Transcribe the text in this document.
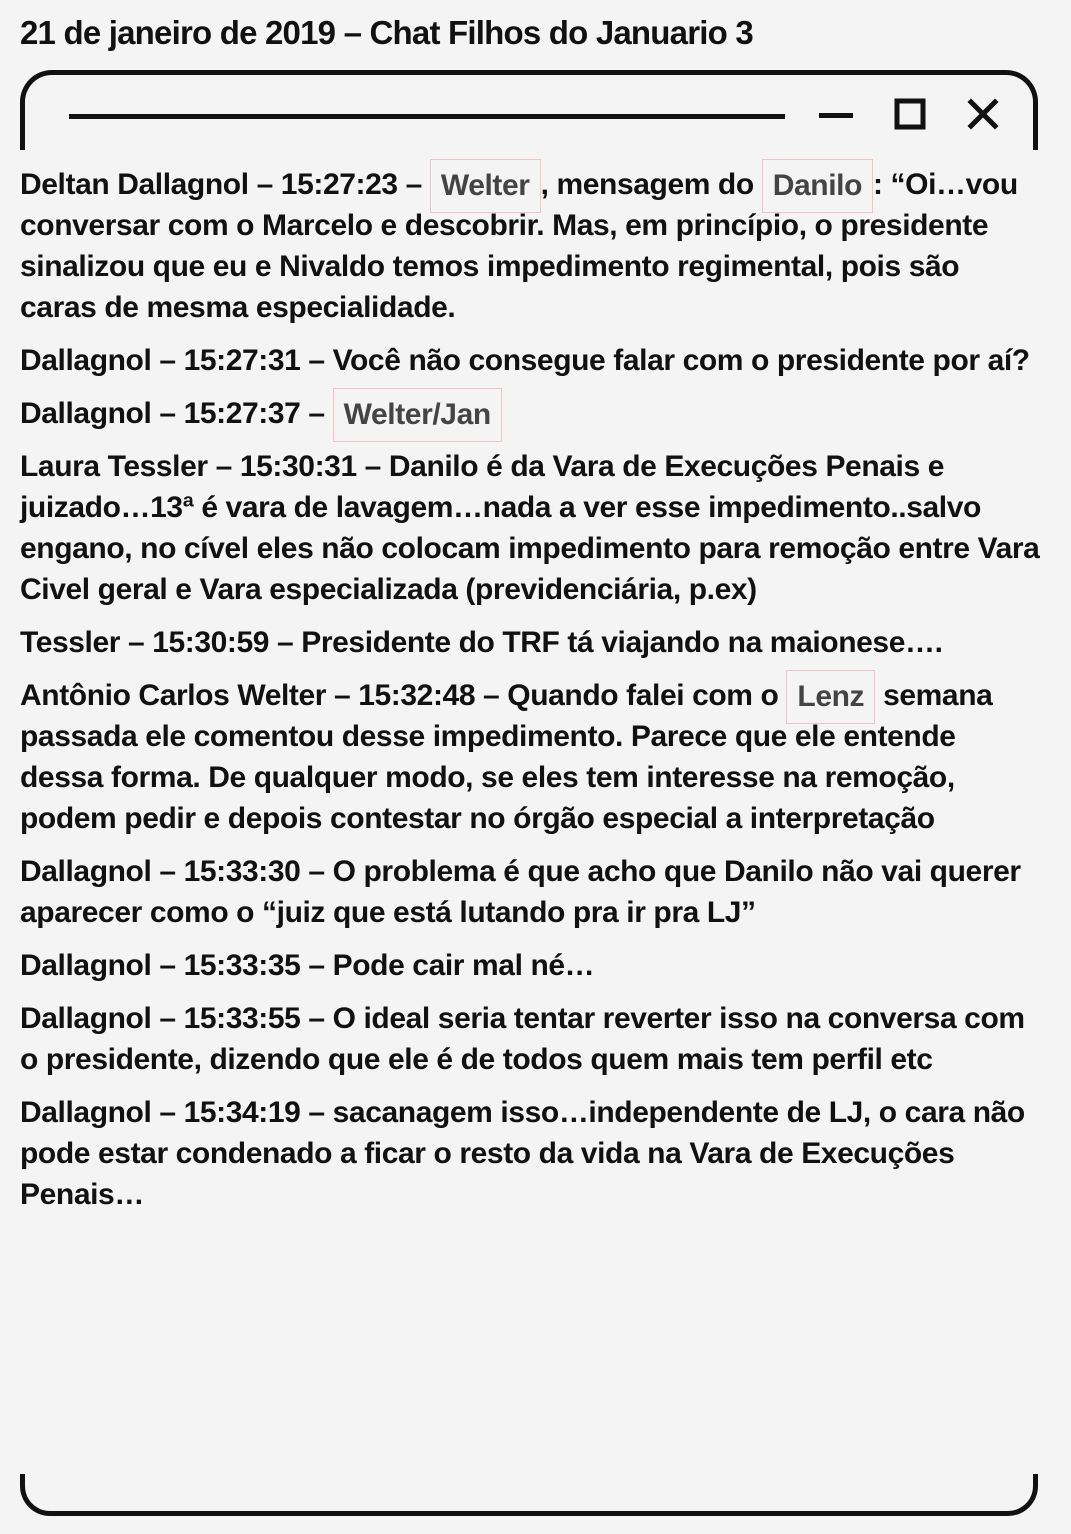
21 de janeiro de 2019 – Chat Filhos do Januario 3

Deltan Dallagnol – 15:27:23 – Welter , mensagem do Danilo : “Oi…vou conversar com o Marcelo e descobrir. Mas, em princípio, o presidente sinalizou que eu e Nivaldo temos impedimento regimental, pois são caras de mesma especialidade.

Dallagnol – 15:27:31 – Você não consegue falar com o presidente por aí?

Dallagnol – 15:27:37 – Welter/Jan

Laura Tessler – 15:30:31 – Danilo é da Vara de Execuções Penais e juizado…13ª é vara de lavagem…nada a ver esse impedimento..salvo engano, no cível eles não colocam impedimento para remoção entre Vara Civel geral e Vara especializada (previdenciária, p.ex)

Tessler – 15:30:59 – Presidente do TRF tá viajando na maionese….

Antônio Carlos Welter – 15:32:48 – Quando falei com o Lenz semana passada ele comentou desse impedimento. Parece que ele entende dessa forma. De qualquer modo, se eles tem interesse na remoção, podem pedir e depois contestar no órgão especial a interpretação

Dallagnol – 15:33:30 – O problema é que acho que Danilo não vai querer aparecer como o “juiz que está lutando pra ir pra LJ”

Dallagnol – 15:33:35 – Pode cair mal né…

Dallagnol – 15:33:55 – O ideal seria tentar reverter isso na conversa com o presidente, dizendo que ele é de todos quem mais tem perfil etc

Dallagnol – 15:34:19 – sacanagem isso…independente de LJ, o cara não pode estar condenado a ficar o resto da vida na Vara de Execuções Penais…
